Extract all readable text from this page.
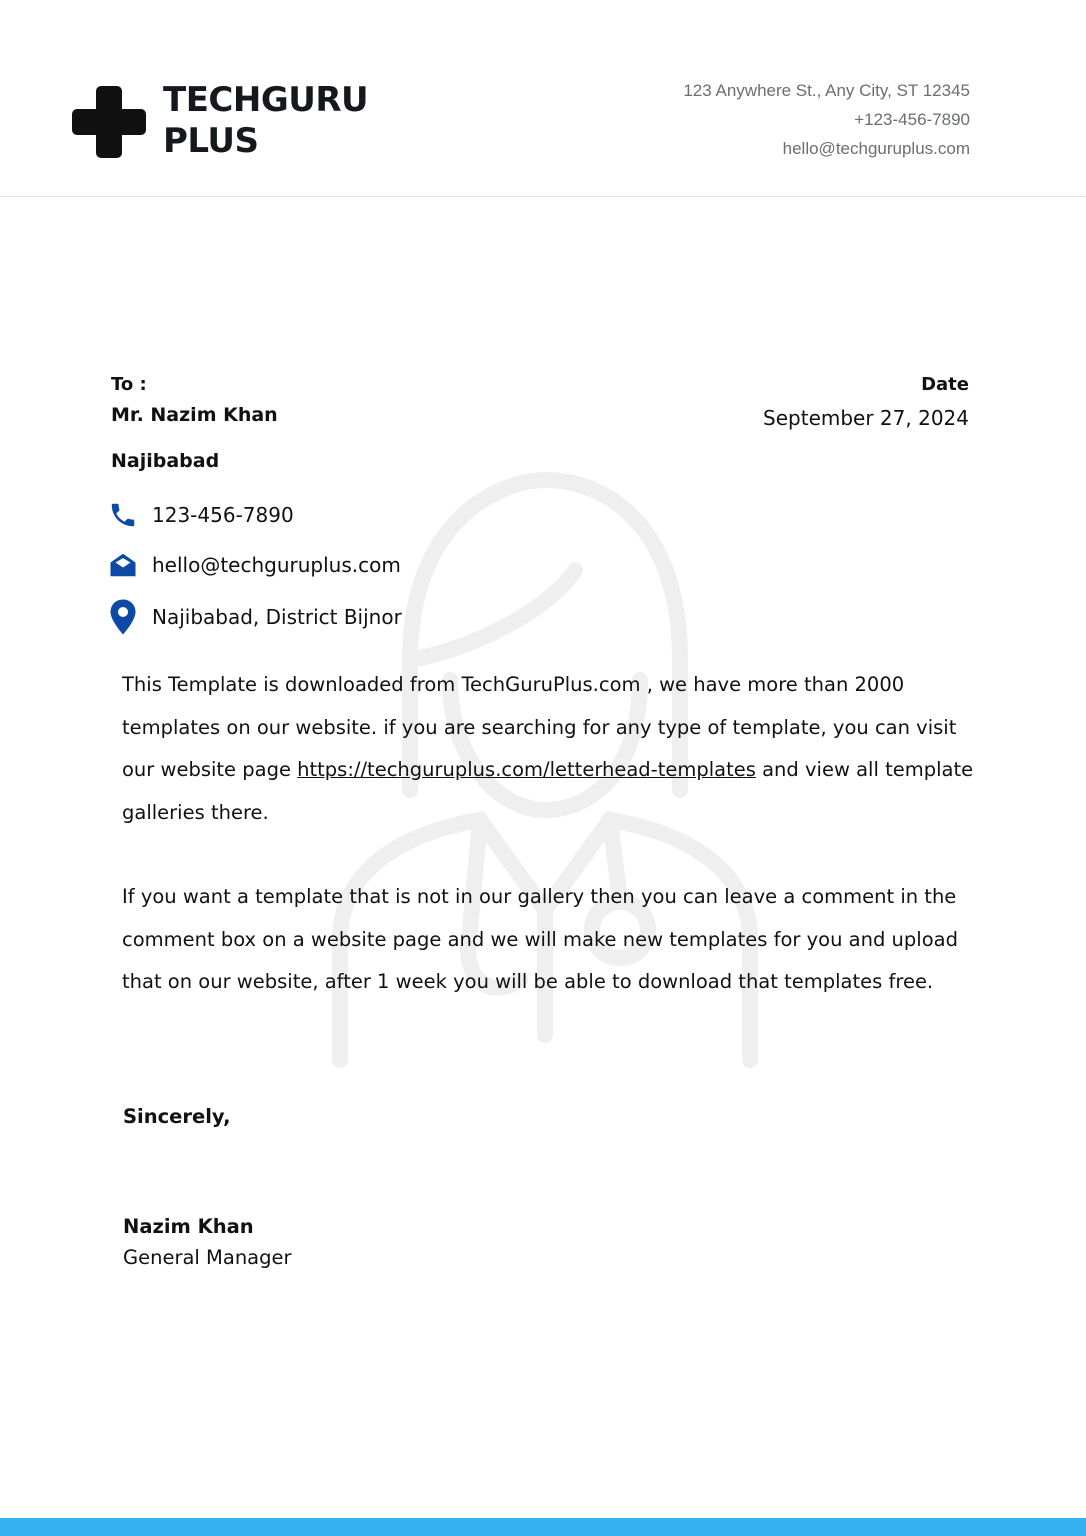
TECHGURU
PLUS
123 Anywhere St., Any City, ST 12345
+123-456-7890
hello@techguruplus.com
To :
Mr. Nazim Khan
Najibabad
Date
September 27, 2024
123-456-7890
hello@techguruplus.com
Najibabad, District Bijnor
This Template is downloaded from TechGuruPlus.com , we have more than 2000 templates on our website. if you are searching for any type of template, you can visit our website page https://techguruplus.com/letterhead-templates and view all template galleries there.
If you want a template that is not in our gallery then you can leave a comment in the comment box on a website page and we will make new templates for you and upload that on our website, after 1 week you will be able to download that templates free.
Sincerely,
Nazim Khan
General Manager
